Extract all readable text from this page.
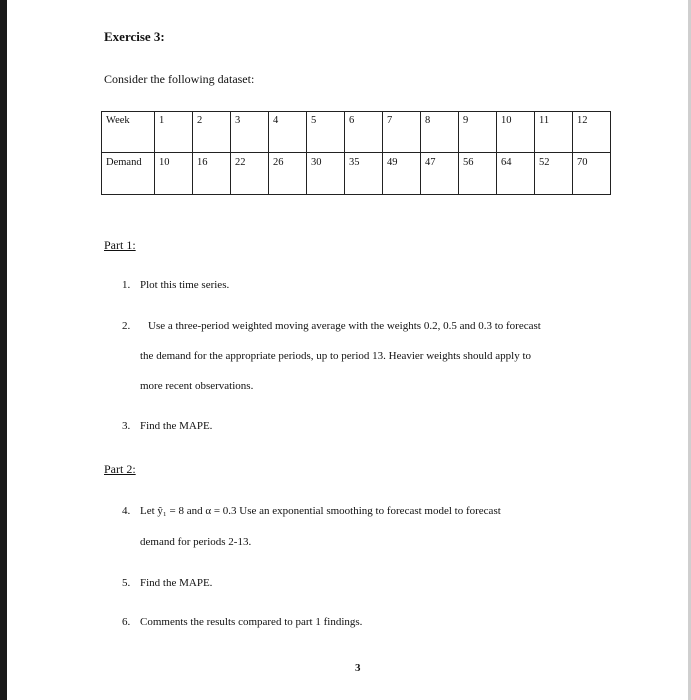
Exercise 3:
Consider the following dataset:
Week	1	2	3	4	5	6	7	8	9	10	11	12
Demand	10	16	22	26	30	35	49	47	56	64	52	70
Part 1:
1. Plot this time series.
2. Use a three-period weighted moving average with the weights 0.2, 0.5 and 0.3 to forecast
the demand for the appropriate periods, up to period 13. Heavier weights should apply to
more recent observations.
3. Find the MAPE.
Part 2:
4. Let ŷ₁ = 8 and α = 0.3 Use an exponential smoothing to forecast model to forecast
demand for periods 2-13.
5. Find the MAPE.
6. Comments the results compared to part 1 findings.
3
